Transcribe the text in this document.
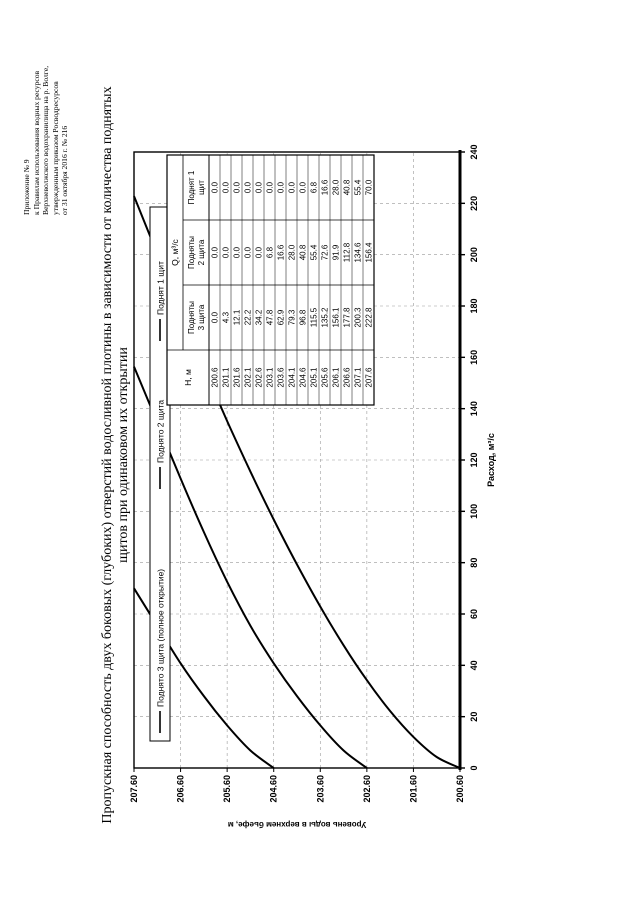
Приложение № 9 к Правилам использования водных ресурсов Верхневолжского водохранилища на р. Волге, утвержденным приказом Росводресурсов от 31 октября 2016 г. № 216 Пропускная способность двух боковых (глубоких) отверстий водосливной плотины в зависимости от количества поднятых щитов при одинаковом их открытии
0
20
40
60
80
100
120
140
160
180
200
220
240
Расход, м³/с
200.60
201.60
202.60
203.60
204.60
205.60
206.60
207.60
Уровень воды в верхнем бьефе, м
Поднято 3 щита (полное открытие)
Поднято 2 щита
Поднят 1 щит
Н, м
Q, м³/с
Подняты 3 щита
Подняты 2 щита
Поднят 1 щит
200.6
0.0
0.0
0.0
201.1
4.3
0.0
0.0
201.6
12.1
0.0
0.0
202.1
22.2
0.0
0.0
202.6
34.2
0.0
0.0
203.1
47.8
6.8
0.0
203.6
62.9
16.6
0.0
204.1
79.3
28.0
0.0
204.6
96.8
40.8
0.0
205.1
115.5
55.4
6.8
205.6
135.2
72.6
16.6
206.1
156.1
91.9
28.0
206.6
177.8
112.8
40.8
207.1
200.3
134.6
55.4
207.6
222.8
156.4
70.0
